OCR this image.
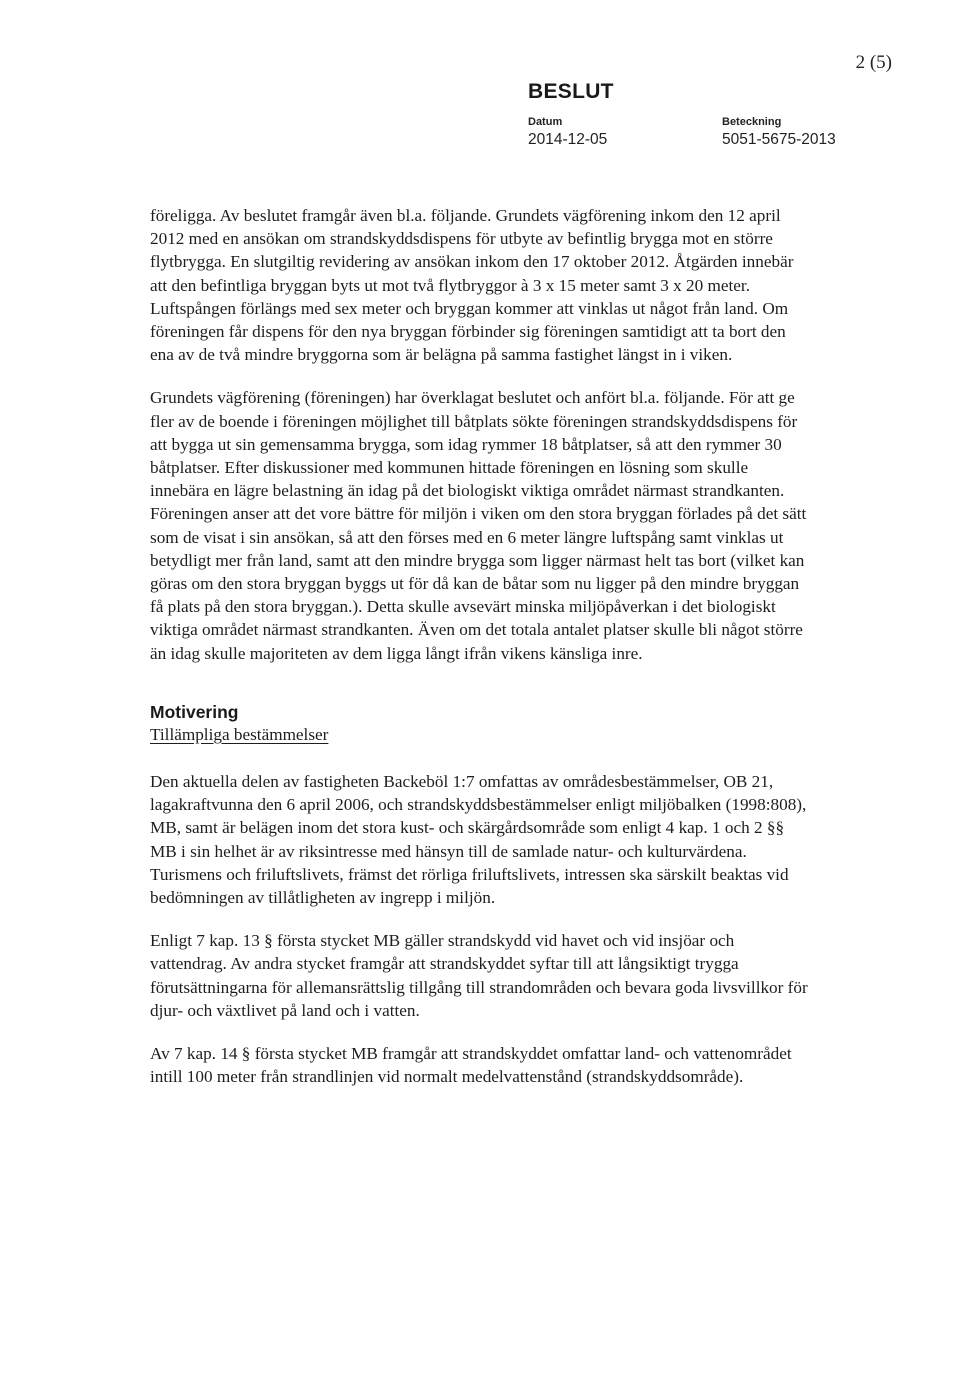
2 (5)
BESLUT
Datum
2014-12-05
Beteckning
5051-5675-2013

föreligga. Av beslutet framgår även bl.a. följande. Grundets vägförening inkom den 12 april 2012 med en ansökan om strandskyddsdispens för utbyte av befintlig brygga mot en större flytbrygga. En slutgiltig revidering av ansökan inkom den 17 oktober 2012. Åtgärden innebär att den befintliga bryggan byts ut mot två flytbryggor à 3 x 15 meter samt 3 x 20 meter. Luftspången förlängs med sex meter och bryggan kommer att vinklas ut något från land. Om föreningen får dispens för den nya bryggan förbinder sig föreningen samtidigt att ta bort den ena av de två mindre bryggorna som är belägna på samma fastighet längst in i viken.

Grundets vägförening (föreningen) har överklagat beslutet och anfört bl.a. följande. För att ge fler av de boende i föreningen möjlighet till båtplats sökte föreningen strandskyddsdispens för att bygga ut sin gemensamma brygga, som idag rymmer 18 båtplatser, så att den rymmer 30 båtplatser. Efter diskussioner med kommunen hittade föreningen en lösning som skulle innebära en lägre belastning än idag på det biologiskt viktiga området närmast strandkanten. Föreningen anser att det vore bättre för miljön i viken om den stora bryggan förlades på det sätt som de visat i sin ansökan, så att den förses med en 6 meter längre luftspång samt vinklas ut betydligt mer från land, samt att den mindre brygga som ligger närmast helt tas bort (vilket kan göras om den stora bryggan byggs ut för då kan de båtar som nu ligger på den mindre bryggan få plats på den stora bryggan.). Detta skulle avsevärt minska miljöpåverkan i det biologiskt viktiga området närmast strandkanten. Även om det totala antalet platser skulle bli något större än idag skulle majoriteten av dem ligga långt ifrån vikens känsliga inre.

Motivering

Tillämpliga bestämmelser

Den aktuella delen av fastigheten Backeböl 1:7 omfattas av områdesbestämmelser, OB 21, lagakraftvunna den 6 april 2006, och strandskyddsbestämmelser enligt miljöbalken (1998:808), MB, samt är belägen inom det stora kust- och skärgårdsområde som enligt 4 kap. 1 och 2 §§ MB i sin helhet är av riksintresse med hänsyn till de samlade natur- och kulturvärdena. Turismens och friluftslivets, främst det rörliga friluftslivets, intressen ska särskilt beaktas vid bedömningen av tillåtligheten av ingrepp i miljön.

Enligt 7 kap. 13 § första stycket MB gäller strandskydd vid havet och vid insjöar och vattendrag. Av andra stycket framgår att strandskyddet syftar till att långsiktigt trygga förutsättningarna för allemansrättslig tillgång till strandområden och bevara goda livsvillkor för djur- och växtlivet på land och i vatten.

Av 7 kap. 14 § första stycket MB framgår att strandskyddet omfattar land- och vattenområdet intill 100 meter från strandlinjen vid normalt medelvattenstånd (strandskyddsområde).
